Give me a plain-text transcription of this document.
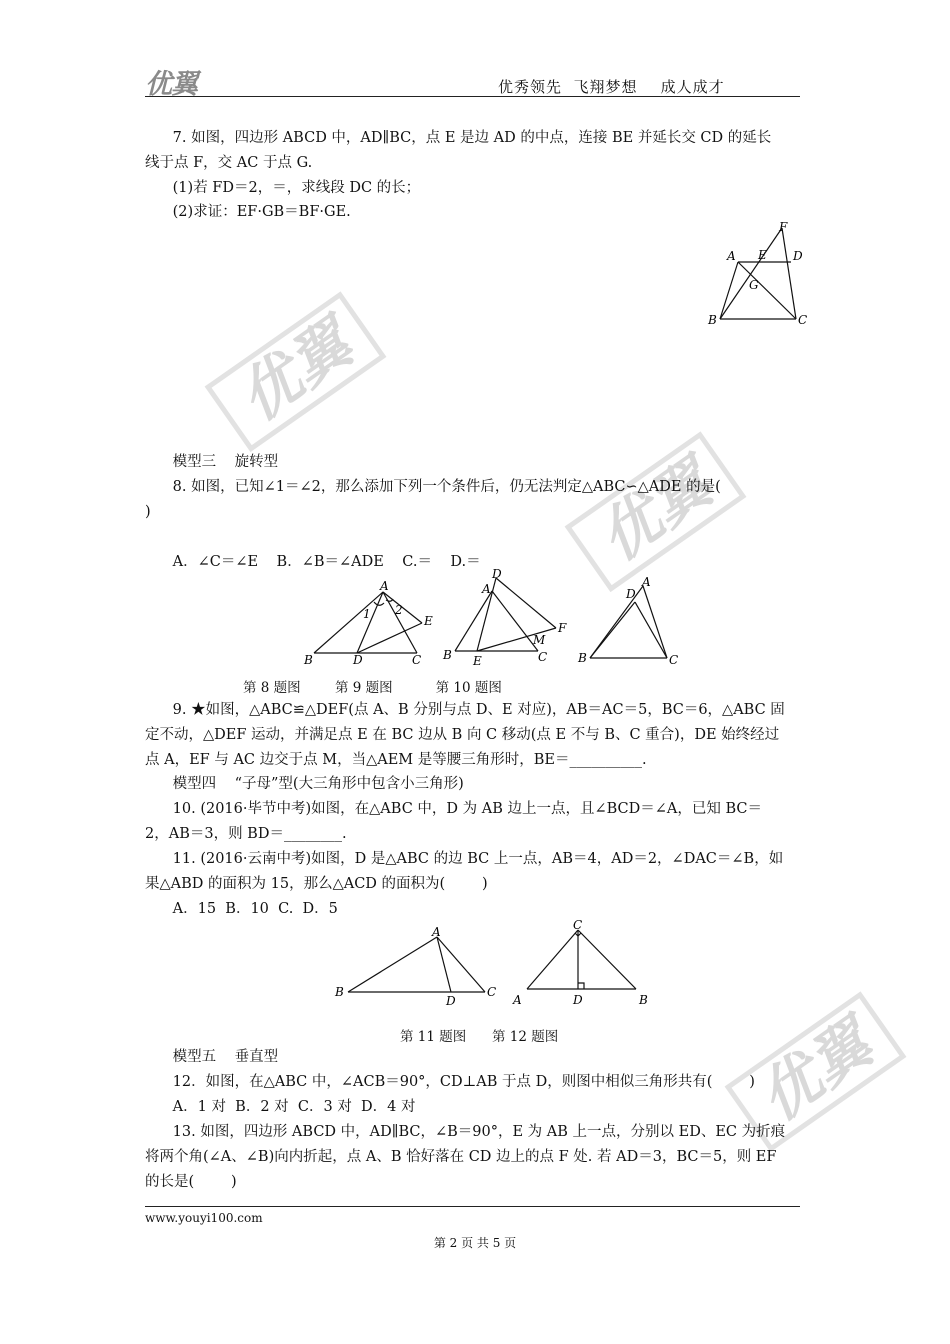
优翼
优翼
优翼
优翼	优秀领先  飞翔梦想    成人成才
7. 如图，四边形 ABCD 中，AD∥BC，点 E 是边 AD 的中点，连接 BE 并延长交 CD 的延长
线于点 F，交 AC 于点 G.
(1)若 FD＝2，＝，求线段 DC 的长；
(2)求证：EF·GB＝BF·GE.
模型三    旋转型
8. 如图，已知∠1＝∠2，那么添加下列一个条件后，仍无法判定△ABC∽△ADE 的是(
)
A．∠C＝∠E    B．∠B＝∠ADE    C.＝    D.＝
9. ★如图，△ABC≌△DEF(点 A、B 分别与点 D、E 对应)，AB＝AC＝5，BC＝6，△ABC 固
定不动，△DEF 运动，并满足点 E 在 BC 边从 B 向 C 移动(点 E 不与 B、C 重合)，DE 始终经过
点 A，EF 与 AC 边交于点 M，当△AEM 是等腰三角形时，BE＝__________.
模型四    “子母”型(大三角形中包含小三角形)
10. (2016·毕节中考)如图，在△ABC 中，D 为 AB 边上一点，且∠BCD＝∠A，已知 BC＝
2，AB＝3，则 BD＝________.
11. (2016·云南中考)如图，D 是△ABC 的边 BC 上一点，AB＝4，AD＝2，∠DAC＝∠B，如
果△ABD 的面积为 15，那么△ACD 的面积为(        )
A．15  B．10  C.  D．5
模型五    垂直型
12．如图，在△ABC 中，∠ACB＝90°，CD⊥AB 于点 D，则图中相似三角形共有(        )
A．1 对  B．2 对  C．3 对  D．4 对
13. 如图，四边形 ABCD 中，AD∥BC，∠B＝90°，E 为 AB 上一点，分别以 ED、EC 为折痕
将两个角(∠A、∠B)向内折起，点 A、B 恰好落在 CD 边上的点 F 处. 若 AD＝3，BC＝5，则 EF
的长是(        )
F
A E D
G
B	C
A
1 2
E
B	D	C
D
A
F
M
B E	C
A
D
B	C
第 8 题图        第 9 题图          第 10 题图
A
B
D
C
C
A	D	B
第 11 题图      第 12 题图
www.youyi100.com
第 2 页 共 5 页
